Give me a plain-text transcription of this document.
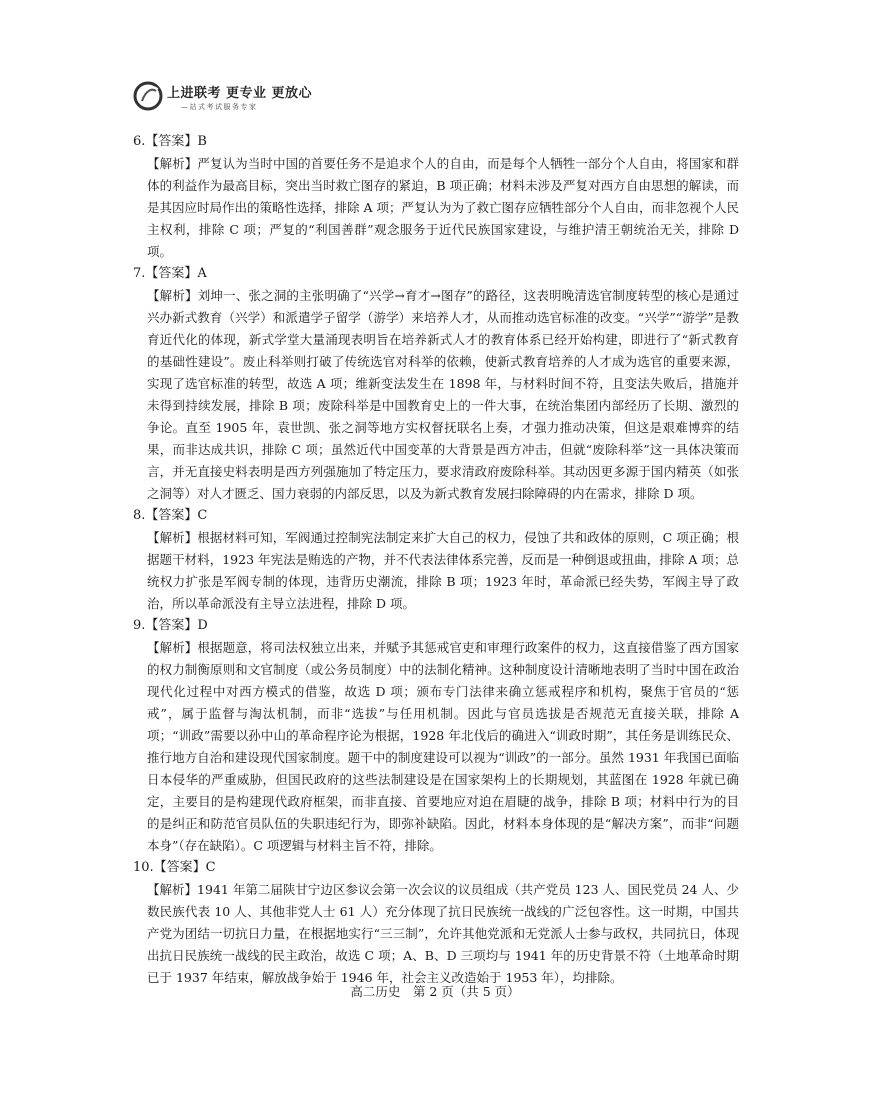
上进联考 更专业 更放心
—站式考试服务专家
6.【答案】B
【解析】严复认为当时中国的首要任务不是追求个人的自由，而是每个人牺牲一部分个人自由，将国家和群体的利益作为最高目标，突出当时救亡图存的紧迫，B 项正确；材料未涉及严复对西方自由思想的解读，而是其因应时局作出的策略性选择，排除 A 项；严复认为为了救亡图存应牺牲部分个人自由，而非忽视个人民主权利，排除 C 项；严复的“利国善群”观念服务于近代民族国家建设，与维护清王朝统治无关，排除 D 项。
7.【答案】A
【解析】刘坤一、张之洞的主张明确了“兴学→育才→图存”的路径，这表明晚清选官制度转型的核心是通过兴办新式教育（兴学）和派遣学子留学（游学）来培养人才，从而推动选官标准的改变。“兴学”“游学”是教育近代化的体现，新式学堂大量涌现表明旨在培养新式人才的教育体系已经开始构建，即进行了“新式教育的基础性建设”。废止科举则打破了传统选官对科举的依赖，使新式教育培养的人才成为选官的重要来源，实现了选官标准的转型，故选 A 项；维新变法发生在 1898 年，与材料时间不符，且变法失败后，措施并未得到持续发展，排除 B 项；废除科举是中国教育史上的一件大事，在统治集团内部经历了长期、激烈的争论。直至 1905 年，袁世凯、张之洞等地方实权督抚联名上奏，才强力推动决策，但这是艰难博弈的结果，而非达成共识，排除 C 项；虽然近代中国变革的大背景是西方冲击，但就“废除科举”这一具体决策而言，并无直接史料表明是西方列强施加了特定压力，要求清政府废除科举。其动因更多源于国内精英（如张之洞等）对人才匮乏、国力衰弱的内部反思，以及为新式教育发展扫除障碍的内在需求，排除 D 项。
8.【答案】C
【解析】根据材料可知，军阀通过控制宪法制定来扩大自己的权力，侵蚀了共和政体的原则，C 项正确；根据题干材料，1923 年宪法是贿选的产物，并不代表法律体系完善，反而是一种倒退或扭曲，排除 A 项；总统权力扩张是军阀专制的体现，违背历史潮流，排除 B 项；1923 年时，革命派已经失势，军阀主导了政治，所以革命派没有主导立法进程，排除 D 项。
9.【答案】D
【解析】根据题意，将司法权独立出来，并赋予其惩戒官吏和审理行政案件的权力，这直接借鉴了西方国家的权力制衡原则和文官制度（或公务员制度）中的法制化精神。这种制度设计清晰地表明了当时中国在政治现代化过程中对西方模式的借鉴，故选 D 项；颁布专门法律来确立惩戒程序和机构，聚焦于官员的“惩戒”，属于监督与淘汰机制，而非“选拔”与任用机制。因此与官员选拔是否规范无直接关联，排除 A 项；“训政”需要以孙中山的革命程序论为根据，1928 年北伐后的确进入“训政时期”，其任务是训练民众、推行地方自治和建设现代国家制度。题干中的制度建设可以视为“训政”的一部分。虽然 1931 年我国已面临日本侵华的严重威胁，但国民政府的这些法制建设是在国家架构上的长期规划，其蓝图在 1928 年就已确定，主要目的是构建现代政府框架，而非直接、首要地应对迫在眉睫的战争，排除 B 项；材料中行为的目的是纠正和防范官员队伍的失职违纪行为，即弥补缺陷。因此，材料本身体现的是“解决方案”，而非“问题本身”（存在缺陷）。C 项逻辑与材料主旨不符，排除。
10.【答案】C
【解析】1941 年第二届陕甘宁边区参议会第一次会议的议员组成（共产党员 123 人、国民党员 24 人、少数民族代表 10 人、其他非党人士 61 人）充分体现了抗日民族统一战线的广泛包容性。这一时期，中国共产党为团结一切抗日力量，在根据地实行“三三制”，允许其他党派和无党派人士参与政权，共同抗日，体现出抗日民族统一战线的民主政治，故选 C 项；A、B、D 三项均与 1941 年的历史背景不符（土地革命时期已于 1937 年结束，解放战争始于 1946 年，社会主义改造始于 1953 年），均排除。
高二历史　第 2 页（共 5 页）
